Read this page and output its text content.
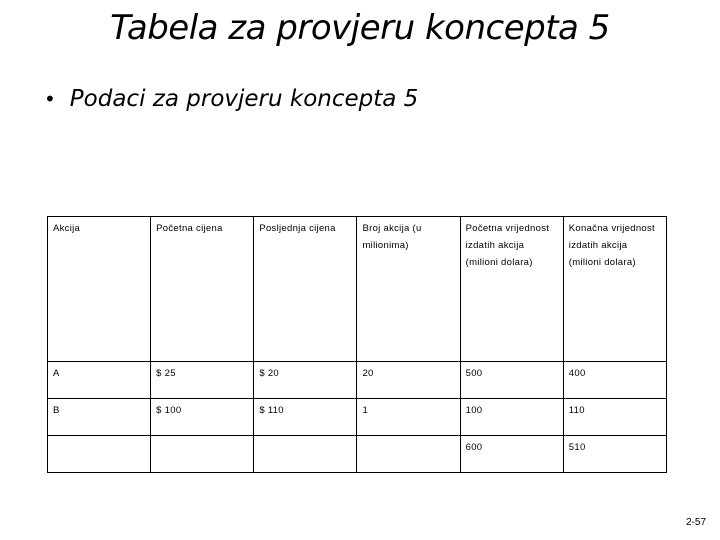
Tabela za provjeru koncepta 5
• Podaci za provjeru koncepta 5
Akcija	Početna cijena	Posljednja cijena	Broj akcija (u milionima)	Početna vrijednost izdatih akcija (milioni dolara)	Konačna vrijednost izdatih akcija (milioni dolara)
A	$ 25	$ 20	20	500	400
B	$ 100	$ 110	1	100	110
				600	510
2-57
